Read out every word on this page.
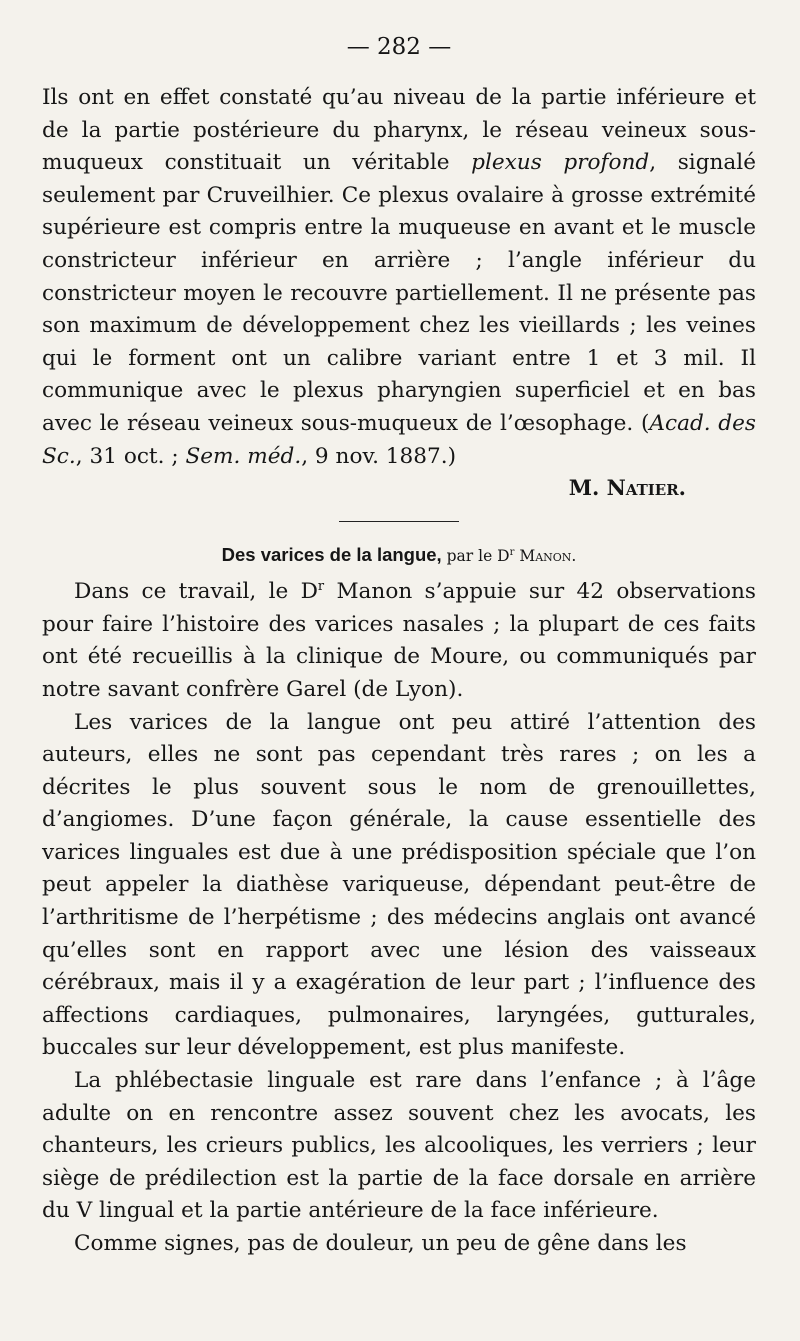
— 282 —

Ils ont en effet constaté qu’au niveau de la partie inférieure et de la partie postérieure du pharynx, le réseau veineux sous-muqueux constituait un véritable plexus profond, signalé seulement par Cruveilhier. Ce plexus ovalaire à grosse extrémité supérieure est compris entre la muqueuse en avant et le muscle constricteur inférieur en arrière ; l’angle inférieur du constricteur moyen le recouvre partiellement. Il ne présente pas son maximum de développement chez les vieillards ; les veines qui le forment ont un calibre variant entre 1 et 3 mil. Il communique avec le plexus pharyngien superficiel et en bas avec le réseau veineux sous-muqueux de l’œsophage. (Acad. des Sc., 31 oct. ; Sem. méd., 9 nov. 1887.)

M. Natier.
Des varices de la langue, par le $D^r$ Manon.

Dans ce travail, le $D^r$ Manon s’appuie sur 42 observations pour faire l’histoire des varices nasales ; la plupart de ces faits ont été recueillis à la clinique de Moure, ou communiqués par notre savant confrère Garel (de Lyon).

Les varices de la langue ont peu attiré l’attention des auteurs, elles ne sont pas cependant très rares ; on les a décrites le plus souvent sous le nom de grenouillettes, d’angiomes. D’une façon générale, la cause essentielle des varices linguales est due à une prédisposition spéciale que l’on peut appeler la diathèse variqueuse, dépendant peut-être de l’arthritisme de l’herpétisme ; des médecins anglais ont avancé qu’elles sont en rapport avec une lésion des vaisseaux cérébraux, mais il y a exagération de leur part ; l’influence des affections cardiaques, pulmonaires, laryngées, gutturales, buccales sur leur développement, est plus manifeste.

La phlébectasie linguale est rare dans l’enfance ; à l’âge adulte on en rencontre assez souvent chez les avocats, les chanteurs, les crieurs publics, les alcooliques, les verriers ; leur siège de prédilection est la partie de la face dorsale en arrière du V lingual et la partie antérieure de la face inférieure.

Comme signes, pas de douleur, un peu de gêne dans les
